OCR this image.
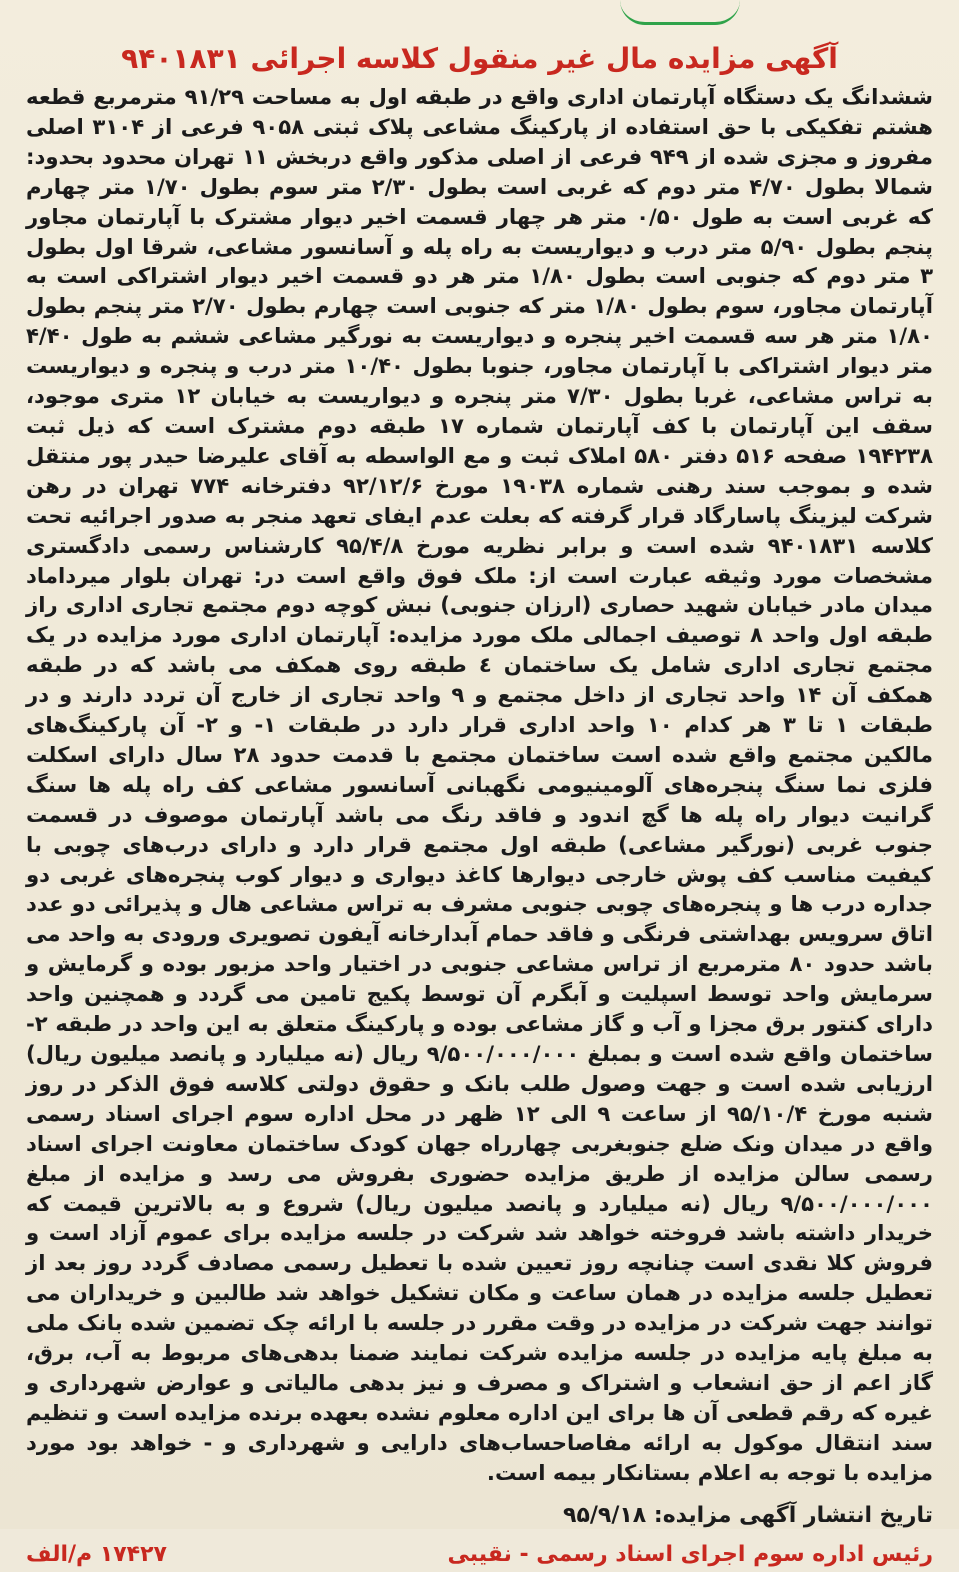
آگهی مزایده مال غیر منقول کلاسه اجرائی ۹۴۰۱۸۳۱

ششدانگ یک دستگاه آپارتمان اداری واقع در طبقه اول به مساحت ۹۱/۲۹ مترمربع قطعه هشتم تفکیکی با حق استفاده از پارکینگ مشاعی پلاک ثبتی ۹۰۵۸ فرعی از ۳۱۰۴ اصلی مفروز و مجزی شده از ۹۴۹ فرعی از اصلی مذکور واقع دربخش ۱۱ تهران محدود بحدود: شمالا بطول ۴/۷۰ متر دوم که غربی است بطول ۲/۳۰ متر سوم بطول ۱/۷۰ متر چهارم که غربی است به طول ۰/۵۰ متر هر چهار قسمت اخیر دیوار مشترک با آپارتمان مجاور پنجم بطول ۵/۹۰ متر درب و دیواریست به راه پله و آسانسور مشاعی، شرقا اول بطول ۳ متر دوم که جنوبی است بطول ۱/۸۰ متر هر دو قسمت اخیر دیوار اشتراکی است به آپارتمان مجاور، سوم بطول ۱/۸۰ متر که جنوبی است چهارم بطول ۲/۷۰ متر پنجم بطول ۱/۸۰ متر هر سه قسمت اخیر پنجره و دیواریست به نورگیر مشاعی ششم به طول ۴/۴۰ متر دیوار اشتراکی با آپارتمان مجاور، جنوبا بطول ۱۰/۴۰ متر درب و پنجره و دیواریست به تراس مشاعی، غربا بطول ۷/۳۰ متر پنجره و دیواریست به خیابان ۱۲ متری موجود، سقف این آپارتمان با کف آپارتمان شماره ۱۷ طبقه دوم مشترک است که ذیل ثبت ۱۹۴۲۳۸ صفحه ۵۱۶ دفتر ۵۸۰ املاک ثبت و مع الواسطه به آقای علیرضا حیدر پور منتقل شده و بموجب سند رهنی شماره ۱۹۰۳۸ مورخ ۹۲/۱۲/۶ دفترخانه ۷۷۴ تهران در رهن شرکت لیزینگ پاسارگاد قرار گرفته که بعلت عدم ایفای تعهد منجر به صدور اجرائیه تحت کلاسه ۹۴۰۱۸۳۱ شده است و برابر نظریه مورخ ۹۵/۴/۸ کارشناس رسمی دادگستری مشخصات مورد وثیقه عبارت است از: ملک فوق واقع است در: تهران بلوار میرداماد میدان مادر خیابان شهید حصاری (ارزان جنوبی) نبش کوچه دوم مجتمع تجاری اداری راز طبقه اول واحد ۸ توصیف اجمالی ملک مورد مزایده: آپارتمان اداری مورد مزایده در یک مجتمع تجاری اداری شامل یک ساختمان ٤ طبقه روی همکف می باشد که در طبقه همکف آن ۱۴ واحد تجاری از داخل مجتمع و ۹ واحد تجاری از خارج آن تردد دارند و در طبقات ۱ تا ۳ هر کدام ۱۰ واحد اداری قرار دارد در طبقات ۱- و ۲- آن پارکینگ‌های مالکین مجتمع واقع شده است ساختمان مجتمع با قدمت حدود ۲۸ سال دارای اسکلت فلزی نما سنگ پنجره‌های آلومینیومی نگهبانی آسانسور مشاعی کف راه پله ها سنگ گرانیت دیوار راه پله ها گچ اندود و فاقد رنگ می باشد آپارتمان موصوف در قسمت جنوب غربی (نورگیر مشاعی) طبقه اول مجتمع قرار دارد و دارای درب‌های چوبی با کیفیت مناسب کف پوش خارجی دیوارها کاغذ دیواری و دیوار کوب پنجره‌های غربی دو جداره درب ها و پنجره‌های چوبی جنوبی مشرف به تراس مشاعی هال و پذیرائی دو عدد اتاق سرویس بهداشتی فرنگی و فاقد حمام آبدارخانه آیفون تصویری ورودی به واحد می باشد حدود ۸۰ مترمربع از تراس مشاعی جنوبی در اختیار واحد مزبور بوده و گرمایش و سرمایش واحد توسط اسپلیت و آبگرم آن توسط پکیج تامین می گردد و همچنین واحد دارای کنتور برق مجزا و آب و گاز مشاعی بوده و پارکینگ متعلق به این واحد در طبقه ۲- ساختمان واقع شده است و بمبلغ ۹/۵۰۰/۰۰۰/۰۰۰ ریال (نه میلیارد و پانصد میلیون ریال) ارزیابی شده است و جهت وصول طلب بانک و حقوق دولتی کلاسه فوق الذکر در روز شنبه مورخ ۹۵/۱۰/۴ از ساعت ۹ الی ۱۲ ظهر در محل اداره سوم اجرای اسناد رسمی واقع در میدان ونک ضلع جنوبغربی چهارراه جهان کودک ساختمان معاونت اجرای اسناد رسمی سالن مزایده از طریق مزایده حضوری بفروش می رسد و مزایده از مبلغ ۹/۵۰۰/۰۰۰/۰۰۰ ریال (نه میلیارد و پانصد میلیون ریال) شروع و به بالاترین قیمت که خریدار داشته باشد فروخته خواهد شد شرکت در جلسه مزایده برای عموم آزاد است و فروش کلا نقدی است چنانچه روز تعیین شده با تعطیل رسمی مصادف گردد روز بعد از تعطیل جلسه مزایده در همان ساعت و مکان تشکیل خواهد شد طالبین و خریداران می توانند جهت شرکت در مزایده در وقت مقرر در جلسه با ارائه چک تضمین شده بانک ملی به مبلغ پایه مزایده در جلسه مزایده شرکت نمایند ضمنا بدهی‌های مربوط به آب، برق، گاز اعم از حق انشعاب و اشتراک و مصرف و نیز بدهی مالیاتی و عوارض شهرداری و غیره که رقم قطعی آن ها برای این اداره معلوم نشده بعهده برنده مزایده است و تنظیم سند انتقال موکول به ارائه مفاصاحساب‌های دارایی و شهرداری و - خواهد بود مورد مزایده با توجه به اعلام بستانکار بیمه است.

تاریخ انتشار آگهی مزایده: ۹۵/۹/۱۸
رئیس اداره سوم اجرای اسناد رسمی - نقیبی
۱۷۴۲۷ م/الف
